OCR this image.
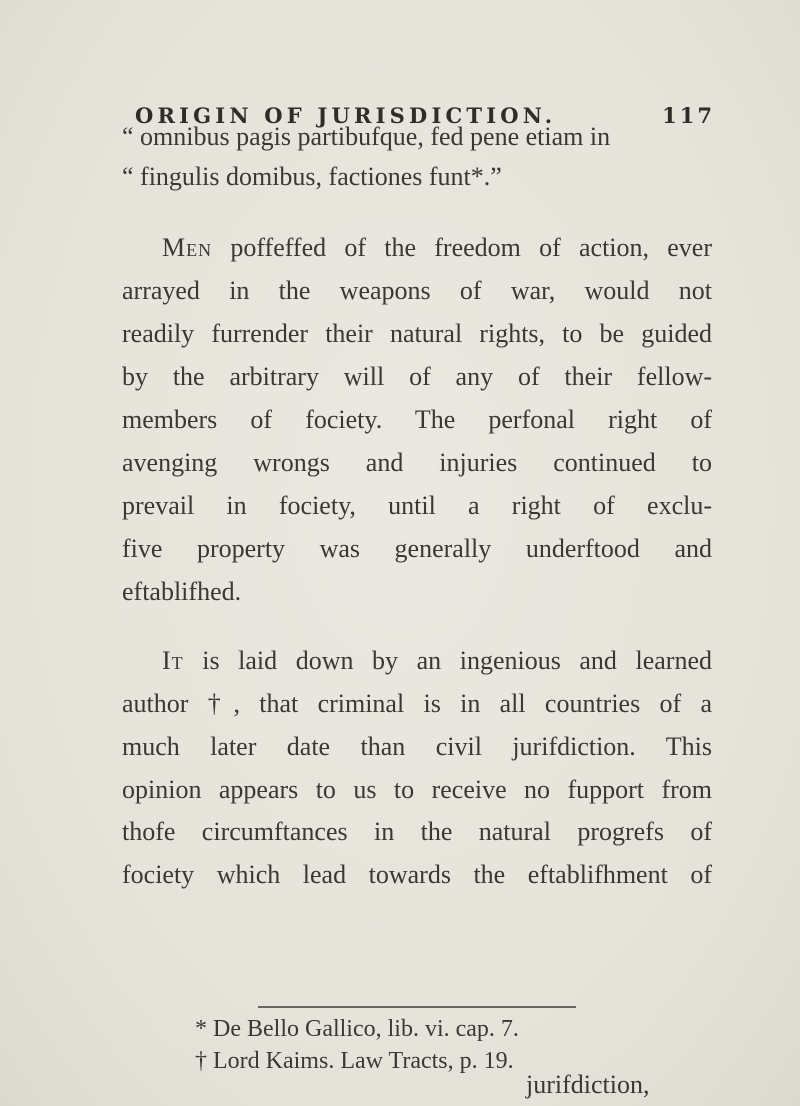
ORIGIN OF JURISDICTION.	117
“ omnibus pagis partibufque, fed pene etiam in
“ fingulis domibus, factiones funt*.”
Men poffeffed of the freedom of action, ever
arrayed in the weapons of war, would not
readily furrender their natural rights, to be guided
by the arbitrary will of any of their fellow-
members of fociety. The perfonal right of
avenging wrongs and injuries continued to
prevail in fociety, until a right of exclu-
five property was generally underftood and
eftablifhed.
It is laid down by an ingenious and learned
author †, that criminal is in all countries of a
much later date than civil jurifdiction. This
opinion appears to us to receive no fupport from
thofe circumftances in the natural progrefs of
fociety which lead towards the eftablifhment of
* De Bello Gallico, lib. vi. cap. 7.
† Lord Kaims. Law Tracts, p. 19.
jurifdiction,
